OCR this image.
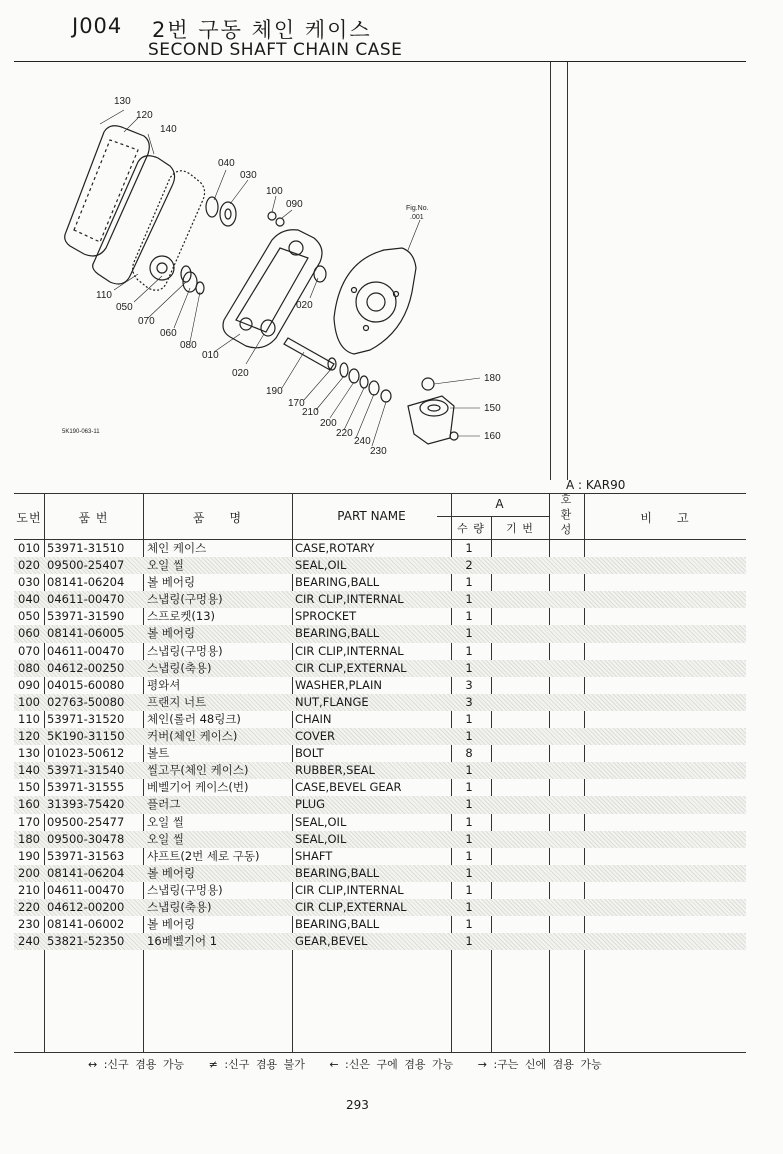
J004 2번 구동 체인 케이스
SECOND SHAFT CHAIN CASE
130
120
140
040
030
100
090
110
050
070
060
080
010
020
020
190
170
210
200
220
240
230
180
150
160
Fig.No.
.001
5K190-063-11
A : KAR90
도번	품 번	품     명	PART NAME
A
수 량	기 번
호
환
성
비     고
010 53971-31510	체인 케이스	CASE,ROTARY	1
020 09500-25407	오일 씰	SEAL,OIL	2
030 08141-06204	볼 베어링	BEARING,BALL	1
040 04611-00470	스냅링(구멍용)	CIR CLIP,INTERNAL	1
050 53971-31590	스프로켓(13)	SPROCKET	1
060 08141-06005	볼 베어링	BEARING,BALL	1
070 04611-00470	스냅링(구멍용)	CIR CLIP,INTERNAL	1
080 04612-00250	스냅링(축용)	CIR CLIP,EXTERNAL	1
090 04015-60080	평와셔	WASHER,PLAIN	3
100 02763-50080	프랜지 너트	NUT,FLANGE	3
110 53971-31520	체인(롤러 48링크)	CHAIN	1
120 5K190-31150	커버(체인 케이스)	COVER	1
130 01023-50612	볼트	BOLT	8
140 53971-31540	씰고무(체인 케이스)	RUBBER,SEAL	1
150 53971-31555	베벨기어 케이스(번)	CASE,BEVEL GEAR	1
160 31393-75420	플러그	PLUG	1
170 09500-25477	오일 씰	SEAL,OIL	1
180 09500-30478	오일 씰	SEAL,OIL	1
190 53971-31563	샤프트(2번 세로 구동)	SHAFT	1
200 08141-06204	볼 베어링	BEARING,BALL	1
210 04611-00470	스냅링(구멍용)	CIR CLIP,INTERNAL	1
220 04612-00200	스냅링(축용)	CIR CLIP,EXTERNAL	1
230 08141-06002	볼 베어링	BEARING,BALL	1
240 53821-52350	16베벨기어 1	GEAR,BEVEL	1
↔ :신구 겸용 가능 ≠ :신구 겸용 불가 ← :신은 구에 겸용 가능 → :구는 신에 겸용 가능
293
